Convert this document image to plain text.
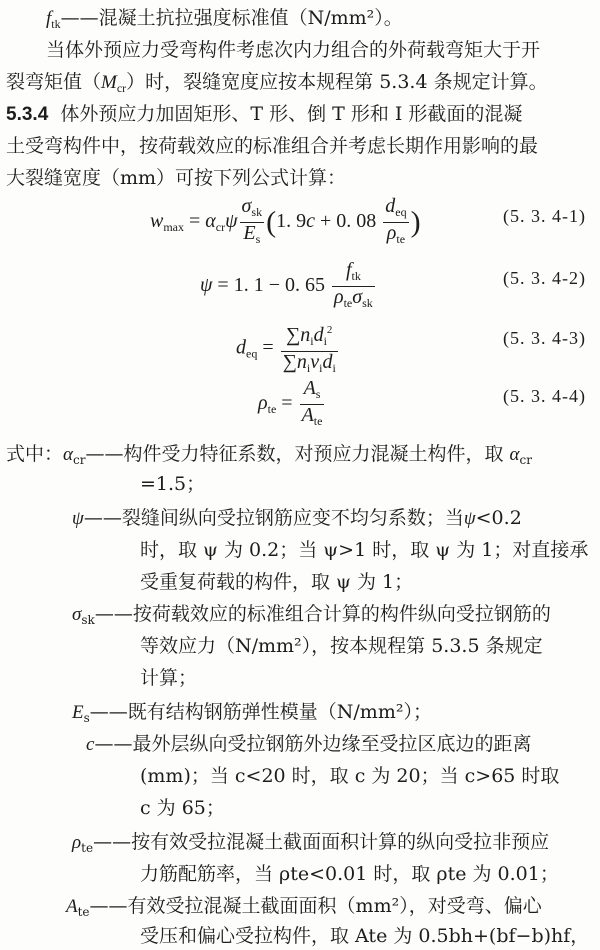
$f_{tk}——$混凝土抗拉强度标准值（N/mm²）。
当体外预应力受弯构件考虑次内力组合的外荷载弯矩大于开
裂弯矩值$(M_{cr})$时，裂缝宽度应按本规程第 5.3.4 条规定计算。
5.3.4 体外预应力加固矩形、T 形、倒 T 形和 I 形截面的混凝
土受弯构件中，按荷载效应的标准组合并考虑长期作用影响的最
大裂缝宽度（mm）可按下列公式计算：
$w_{max} = \alpha_{cr}\psi \frac{\sigma_{sk}}{E_s} (1$. 9c + 0. $08 \frac{d_{eq}}{\rho_{te}}$ )	(5. 3. 4-1)
ψ = 1. 1 − 0. $65 \frac{f_{tk}}{\rho_{te}\sigma_{sk}}$	(5. 3. 4-2)
$d_{eq} = \frac{\sum n_id_i^2}{\sum n_i\nu_id_i}$	(5. 3. 4-3)
$\rho_{te} = \frac{A_s}{A_{te}}$	(5. 3. 4-4)
式中：$\alpha_{cr}——$构件受力特征系数，对预应力混凝土构件，取 $\alpha_{cr}$
=1.5；
ψ——裂缝间纵向受拉钢筋应变不均匀系数；当ψ<0.2
时，取 ψ 为 0.2；当 ψ>1 时，取 ψ 为 1；对直接承
受重复荷载的构件，取 ψ 为 1；
$\sigma_{sk}——$按荷载效应的标准组合计算的构件纵向受拉钢筋的
等效应力（N/mm²），按本规程第 5.3.5 条规定
计算；
$E_s——$既有结构钢筋弹性模量（N/mm²）；
c——最外层纵向受拉钢筋外边缘至受拉区底边的距离
(mm)；当 c<20 时，取 c 为 20；当 c>65 时取
c 为 65；
$\rho_{te}——$按有效受拉混凝土截面面积计算的纵向受拉非预应
力筋配筋率，当 ρte<0.01 时，取 ρte 为 0.01；
$A_{te}——$有效受拉混凝土截面面积（mm²），对受弯、偏心
受压和偏心受拉构件，取 Ate 为 0.5bh+(bf−b)hf，
